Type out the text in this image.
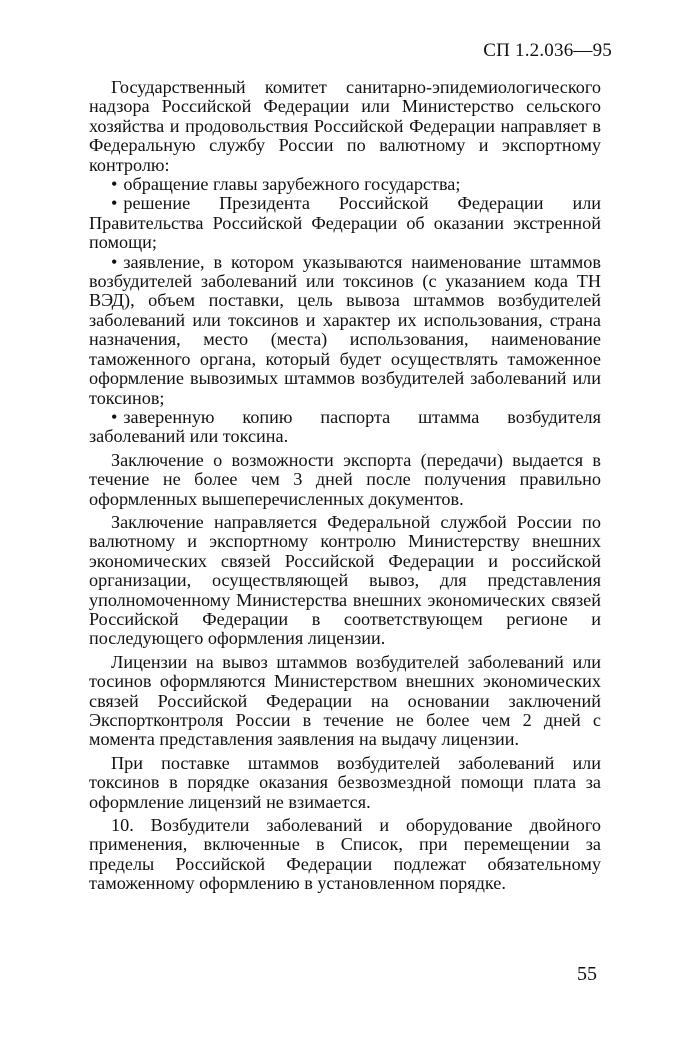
СП 1.2.036—95

Государственный комитет санитарно-эпидемиологического надзора Российской Федерации или Министерство сельского хозяйства и продовольствия Российской Федерации направляет в Федеральную службу России по валютному и экспортному контролю:

• обращение главы зарубежного государства;

• решение Президента Российской Федерации или Правительства Российской Федерации об оказании экстренной помощи;

• заявление, в котором указываются наименование штаммов возбудителей заболеваний или токсинов (с указанием кода ТН ВЭД), объем поставки, цель вывоза штаммов возбудителей заболеваний или токсинов и характер их использования, страна назначения, место (места) использования, наименование таможенного органа, который будет осуществлять таможенное оформление вывозимых штаммов возбудителей заболеваний или токсинов;

• заверенную копию паспорта штамма возбудителя заболеваний или токсина.

Заключение о возможности экспорта (передачи) выдается в течение не более чем 3 дней после получения правильно оформленных вышеперечисленных документов.

Заключение направляется Федеральной службой России по валютному и экспортному контролю Министерству внешних экономических связей Российской Федерации и российской организации, осуществляющей вывоз, для представления уполномоченному Министерства внешних экономических связей Российской Федерации в соответствующем регионе и последующего оформления лицензии.

Лицензии на вывоз штаммов возбудителей заболеваний или тосинов оформляются Министерством внешних экономических связей Российской Федерации на основании заключений Экспортконтроля России в течение не более чем 2 дней с момента представления заявления на выдачу лицензии.

При поставке штаммов возбудителей заболеваний или токсинов в порядке оказания безвозмездной помощи плата за оформление лицензий не взимается.

10. Возбудители заболеваний и оборудование двойного применения, включенные в Список, при перемещении за пределы Российской Федерации подлежат обязательному таможенному оформлению в установленном порядке.

55
